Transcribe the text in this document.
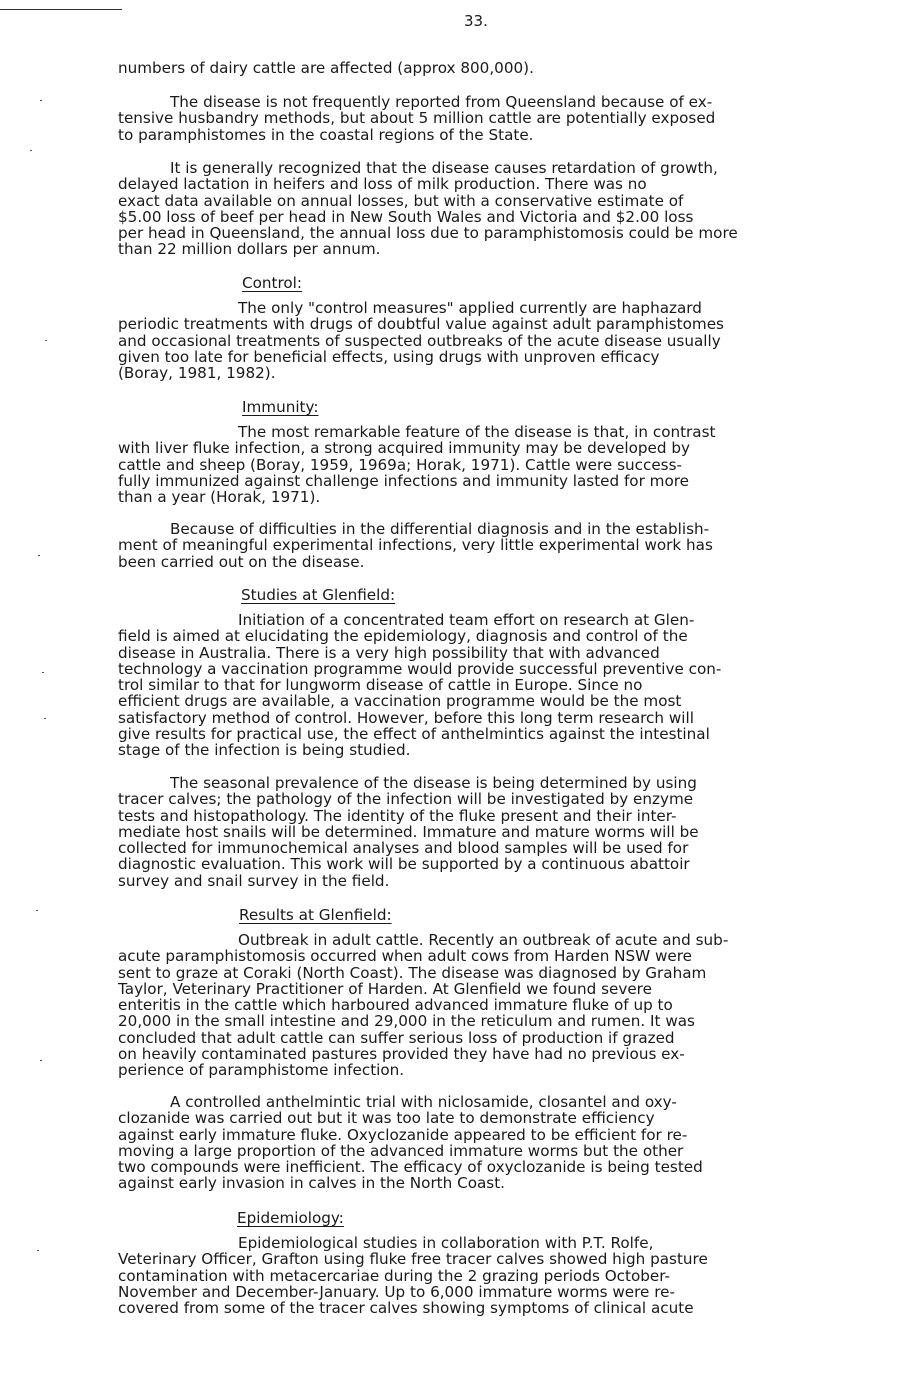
33.

numbers of dairy cattle are affected (approx 800,000).

The disease is not frequently reported from Queensland because of ex-

tensive husbandry methods, but about 5 million cattle are potentially exposed

to paramphistomes in the coastal regions of the State.

It is generally recognized that the disease causes retardation of growth,

delayed lactation in heifers and loss of milk production. There was no

exact data available on annual losses, but with a conservative estimate of

$5.00 loss of beef per head in New South Wales and Victoria and $2.00 loss

per head in Queensland, the annual loss due to paramphistomosis could be more

than 22 million dollars per annum.

Control:

The only "control measures" applied currently are haphazard

periodic treatments with drugs of doubtful value against adult paramphistomes

and occasional treatments of suspected outbreaks of the acute disease usually

given too late for beneficial effects, using drugs with unproven efficacy

(Boray, 1981, 1982).

Immunity:

The most remarkable feature of the disease is that, in contrast

with liver fluke infection, a strong acquired immunity may be developed by

cattle and sheep (Boray, 1959, 1969a; Horak, 1971). Cattle were success-

fully immunized against challenge infections and immunity lasted for more

than a year (Horak, 1971).

Because of difficulties in the differential diagnosis and in the establish-

ment of meaningful experimental infections, very little experimental work has

been carried out on the disease.

Studies at Glenfield:

Initiation of a concentrated team effort on research at Glen-

field is aimed at elucidating the epidemiology, diagnosis and control of the

disease in Australia. There is a very high possibility that with advanced

technology a vaccination programme would provide successful preventive con-

trol similar to that for lungworm disease of cattle in Europe. Since no

efficient drugs are available, a vaccination programme would be the most

satisfactory method of control. However, before this long term research will

give results for practical use, the effect of anthelmintics against the intestinal

stage of the infection is being studied.

The seasonal prevalence of the disease is being determined by using

tracer calves; the pathology of the infection will be investigated by enzyme

tests and histopathology. The identity of the fluke present and their inter-

mediate host snails will be determined. Immature and mature worms will be

collected for immunochemical analyses and blood samples will be used for

diagnostic evaluation. This work will be supported by a continuous abattoir

survey and snail survey in the field.

Results at Glenfield:

Outbreak in adult cattle. Recently an outbreak of acute and sub-

acute paramphistomosis occurred when adult cows from Harden NSW were

sent to graze at Coraki (North Coast). The disease was diagnosed by Graham

Taylor, Veterinary Practitioner of Harden. At Glenfield we found severe

enteritis in the cattle which harboured advanced immature fluke of up to

20,000 in the small intestine and 29,000 in the reticulum and rumen. It was

concluded that adult cattle can suffer serious loss of production if grazed

on heavily contaminated pastures provided they have had no previous ex-

perience of paramphistome infection.

A controlled anthelmintic trial with niclosamide, closantel and oxy-

clozanide was carried out but it was too late to demonstrate efficiency

against early immature fluke. Oxyclozanide appeared to be efficient for re-

moving a large proportion of the advanced immature worms but the other

two compounds were inefficient. The efficacy of oxyclozanide is being tested

against early invasion in calves in the North Coast.

Epidemiology:

Epidemiological studies in collaboration with P.T. Rolfe,

Veterinary Officer, Grafton using fluke free tracer calves showed high pasture

contamination with metacercariae during the 2 grazing periods October-

November and December-January. Up to 6,000 immature worms were re-

covered from some of the tracer calves showing symptoms of clinical acute
